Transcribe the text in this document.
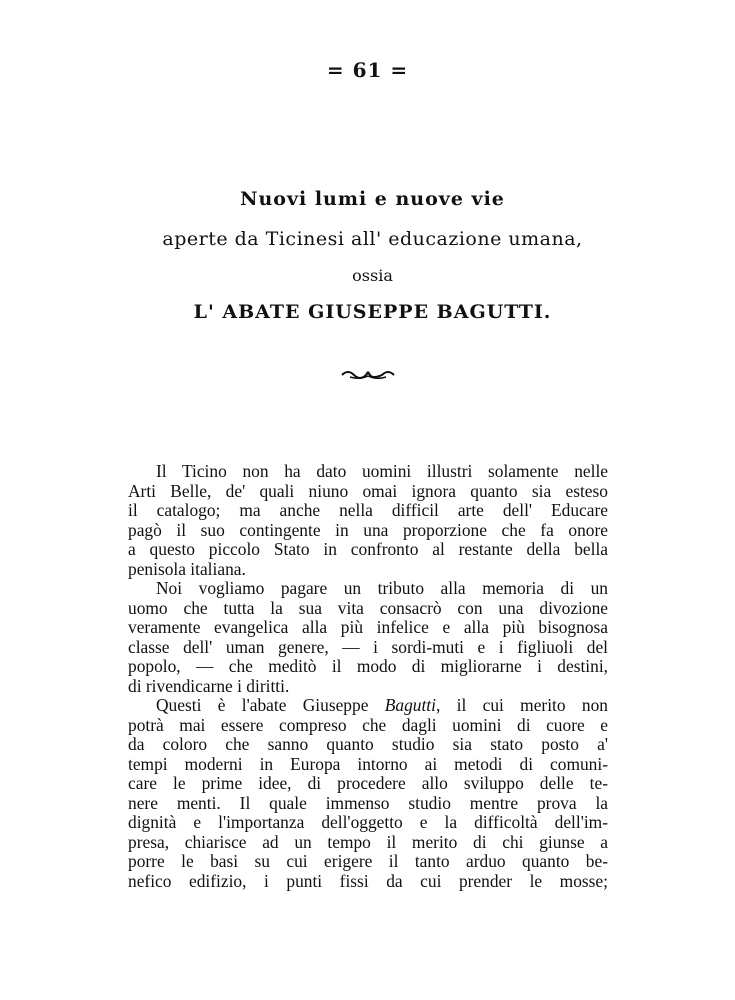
= 61 =
Nuovi lumi e nuove vie
aperte da Ticinesi all' educazione umana,
ossia
L' ABATE GIUSEPPE BAGUTTI.

Il Ticino non ha dato uomini illustri solamente nelle
Arti Belle, de' quali niuno omai ignora quanto sia esteso
il catalogo; ma anche nella difficil arte dell' Educare
pagò il suo contingente in una proporzione che fa onore
a questo piccolo Stato in confronto al restante della bella
penisola italiana.

Noi vogliamo pagare un tributo alla memoria di un
uomo che tutta la sua vita consacrò con una divozione
veramente evangelica alla più infelice e alla più bisognosa
classe dell' uman genere, — i sordi-muti e i figliuoli del
popolo, — che meditò il modo di migliorarne i destini,
di rivendicarne i diritti.

Questi è l'abate Giuseppe Bagutti, il cui merito non
potrà mai essere compreso che dagli uomini di cuore e
da coloro che sanno quanto studio sia stato posto a'
tempi moderni in Europa intorno ai metodi di comuni-
care le prime idee, di procedere allo sviluppo delle te-
nere menti. Il quale immenso studio mentre prova la
dignità e l'importanza dell'oggetto e la difficoltà dell'im-
presa, chiarisce ad un tempo il merito di chi giunse a
porre le basi su cui erigere il tanto arduo quanto be-
nefico edifizio, i punti fissi da cui prender le mosse;
